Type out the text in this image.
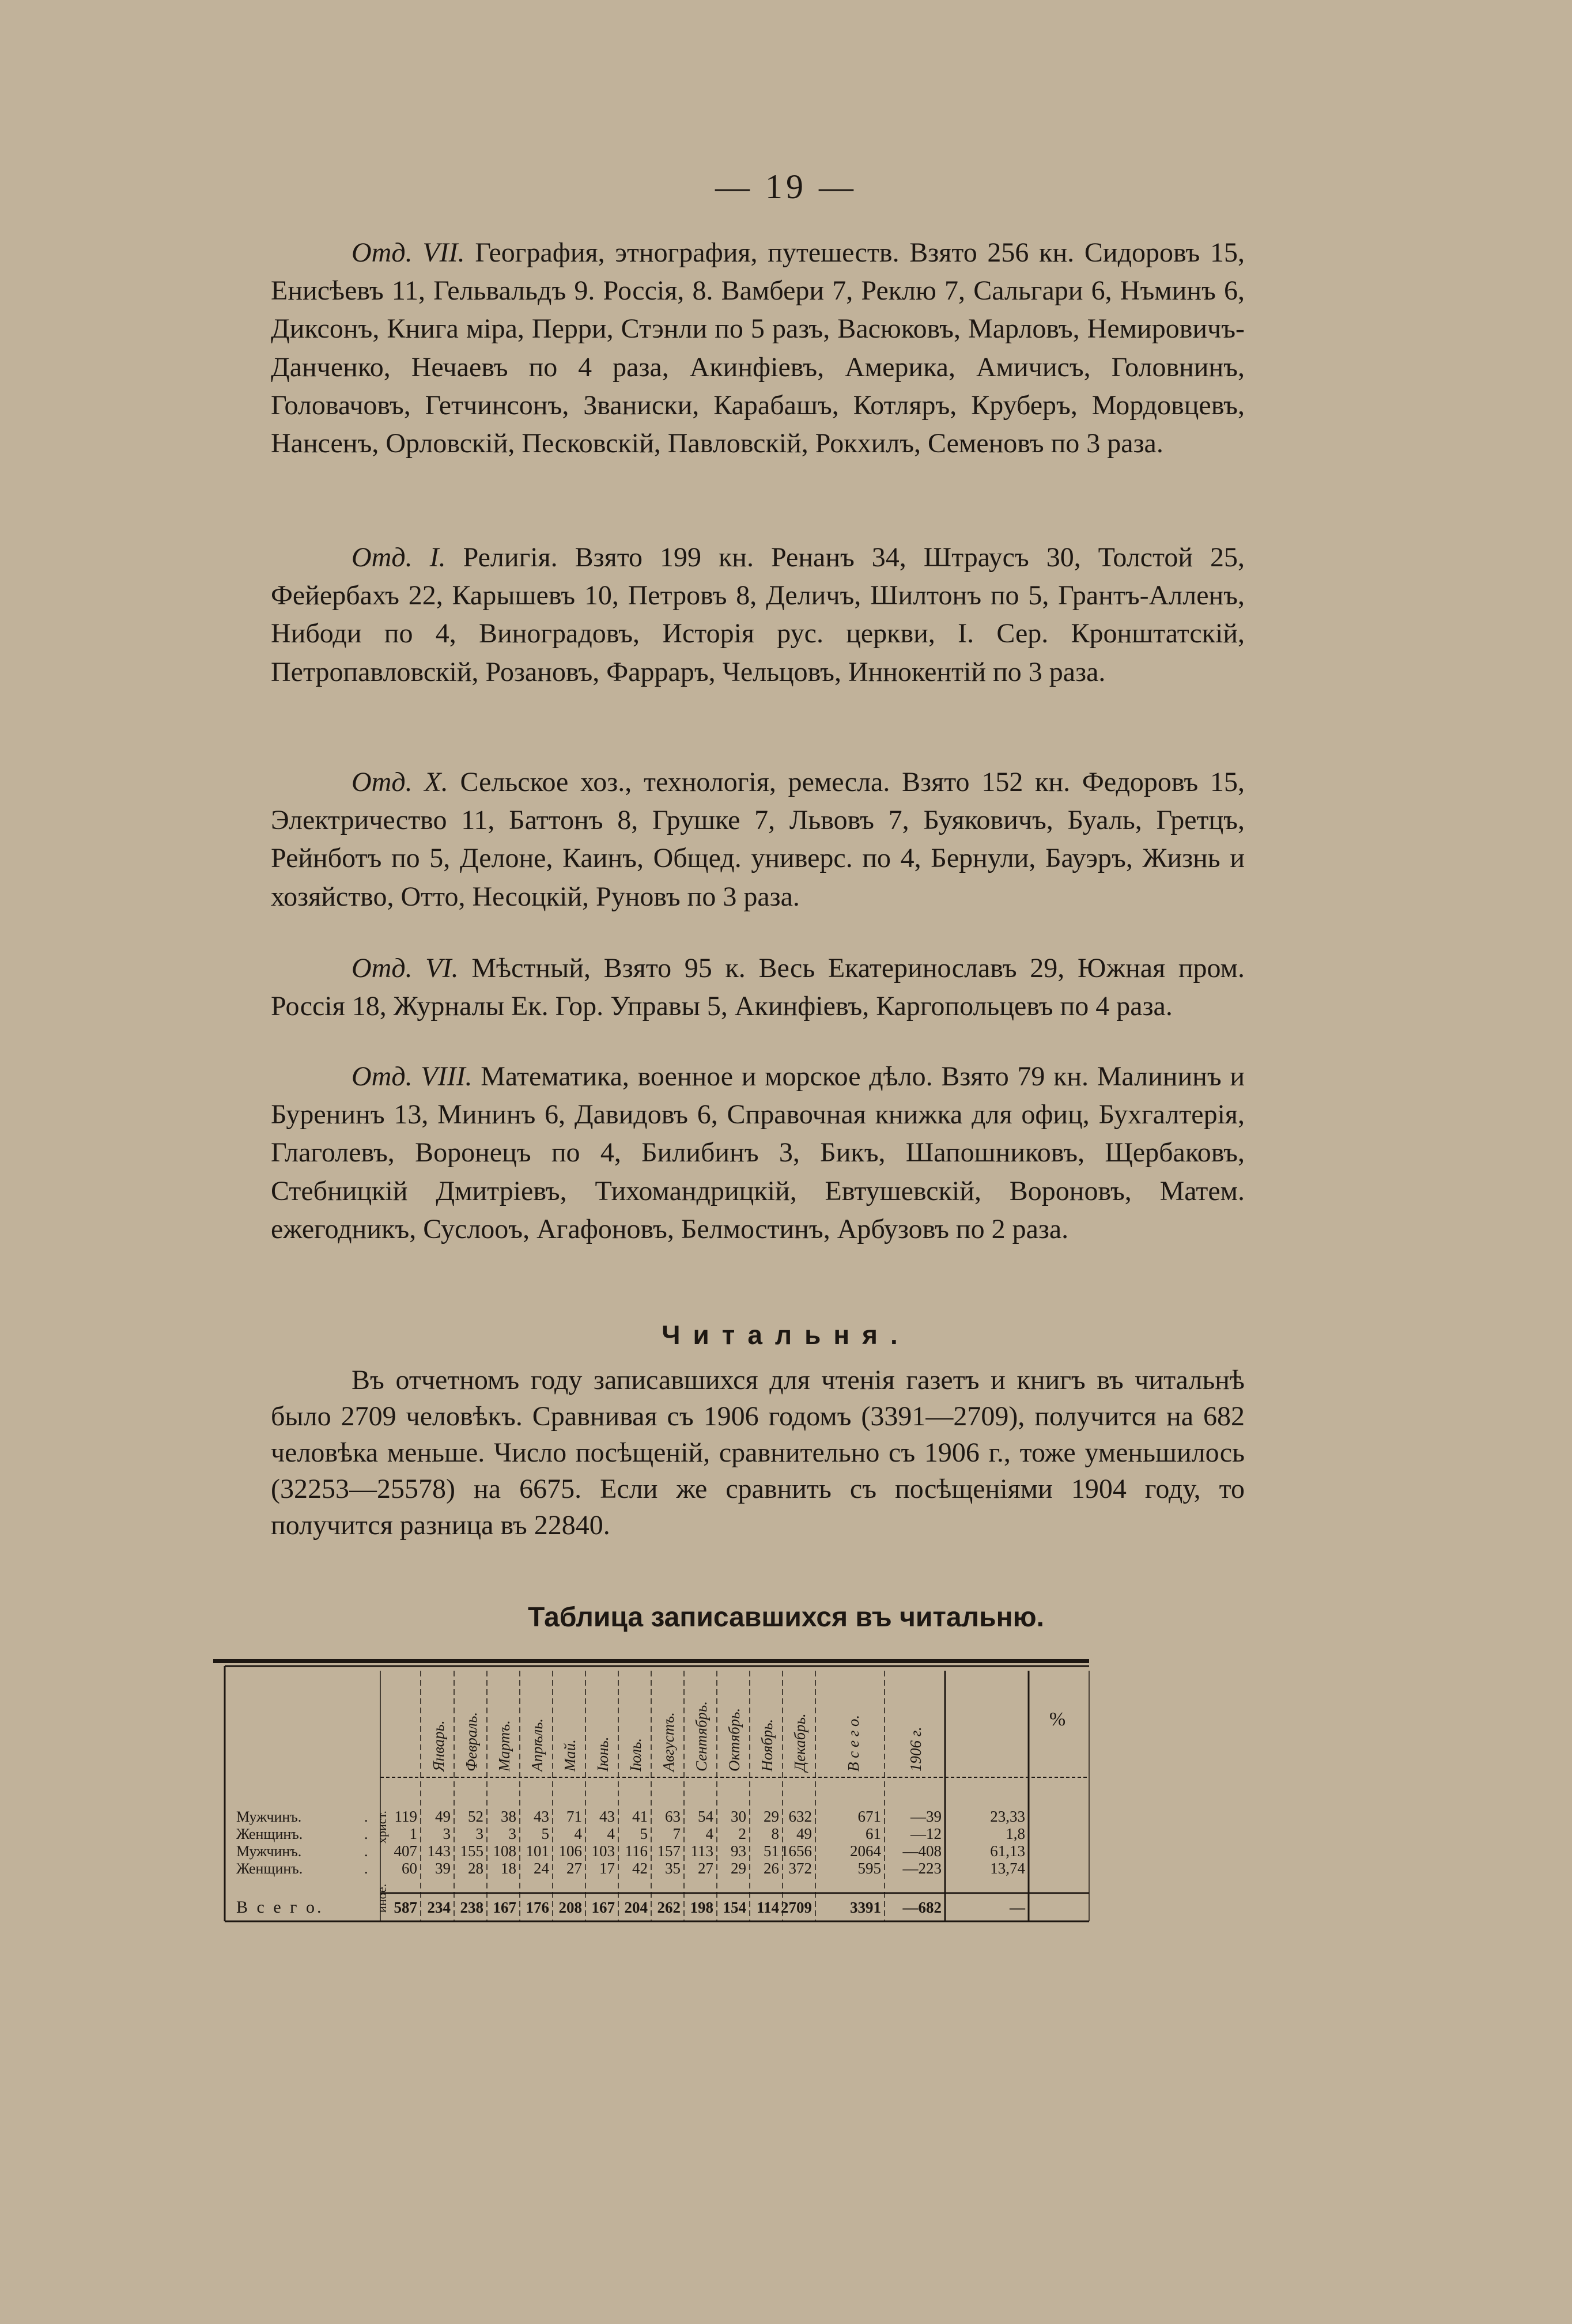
— 19 —
Отд. VII. География, этнография, путешеств. Взято 256 кн. Сидоровъ 15, Енисѣевъ 11, Гельвальдъ 9. Россія, 8. Вамбери 7, Реклю 7, Сальгари 6, Нъминъ 6, Диксонъ, Книга міра, Перри, Стэнли по 5 разъ, Васюковъ, Марловъ, Немировичъ-Данченко, Нечаевъ по 4 раза, Акинфіевъ, Америка, Амичисъ, Головнинъ, Головачовъ, Гетчинсонъ, Званиски, Карабашъ, Котляръ, Круберъ, Мордовцевъ, Нансенъ, Орловскій, Песковскій, Павловскій, Рокхилъ, Семеновъ по 3 раза.
Отд. I. Религія. Взято 199 кн. Ренанъ 34, Штраусъ 30, Толстой 25, Фейербахъ 22, Карышевъ 10, Петровъ 8, Деличъ, Шилтонъ по 5, Грантъ-Алленъ, Нибоди по 4, Виноградовъ, Исторія рус. церкви, I. Сер. Кронштатскій, Петропавловскій, Розановъ, Фарраръ, Чельцовъ, Иннокентій по 3 раза.
Отд. X. Сельское хоз., технологія, ремесла. Взято 152 кн. Федоровъ 15, Электричество 11, Баттонъ 8, Грушке 7, Львовъ 7, Буяковичъ, Буаль, Гретцъ, Рейнботъ по 5, Делоне, Каинъ, Общед. универс. по 4, Бернули, Бауэръ, Жизнь и хозяйство, Отто, Несоцкій, Руновъ по 3 раза.
Отд. VI. Мѣстный, Взято 95 к. Весь Екатеринославъ 29, Южная пром. Россія 18, Журналы Ек. Гор. Управы 5, Акинфіевъ, Каргопольцевъ по 4 раза.
Отд. VIII. Математика, военное и морское дѣло. Взято 79 кн. Малининъ и Буренинъ 13, Мининъ 6, Давидовъ 6, Справочная книжка для офиц, Бухгалтерія, Глаголевъ, Воронецъ по 4, Билибинъ 3, Бикъ, Шапошниковъ, Щербаковъ, Стебницкій Дмитріевъ, Тихомандрицкій, Евтушевскій, Вороновъ, Матем. ежегодникъ, Суслооъ, Агафоновъ, Белмостинъ, Арбузовъ по 2 раза.
Читальня.
Въ отчетномъ году записавшихся для чтенія газетъ и книгъ въ читальнѣ было 2709 человѣкъ. Сравнивая съ 1906 годомъ (3391—2709), получится на 682 человѣка меньше. Число посѣщеній, сравнительно съ 1906 г., тоже уменьшилось (32253—25578) на 6675. Если же сравнить съ посѣщеніями 1904 году, то получится разница въ 22840.
Таблица записавшихся въ читальню.
Январь. Февраль. Мартъ. Апрѣль. Май. Іюнь. Іюль. Августъ. Сентябрь. Октябрь. Ноябрь. Декабрь. В с е г о.	1906 г.
%
христ.
иное.
Мужчинъ.	. 119 49 52 38 43 71 43 41 63 54 30 29 632	671 —39	23,33
Женщинъ.	.	1 3 3 3 5 4 4 5 7 4 2 8 49	61 —12	1,8
Мужчинъ.	. 407 143 155 108 101 106 103 116 157 113 93 51 1656 2064 —408	61,13
Женщинъ.	. 60 39 28 18 24 27 17 42 35 27 29 26 372	595 —223	13,74
В с е г о.	587 234 238 167 176 208 167 204 262 198 154 114 2709 3391 —682	—
